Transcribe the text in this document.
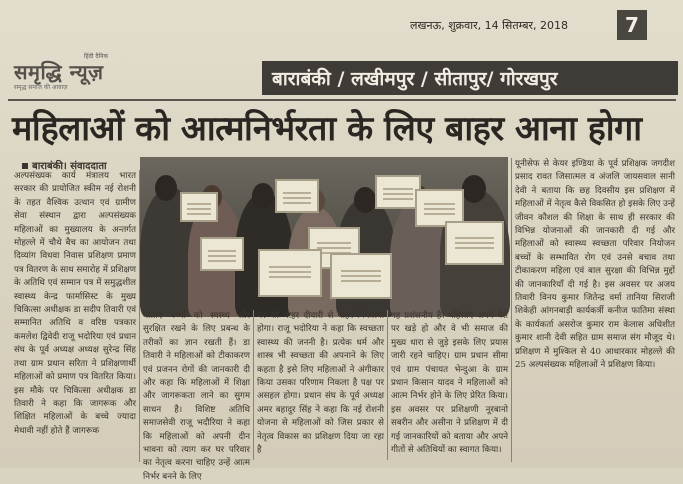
लखनऊ, शुक्रवार, 14 सितम्बर, 2018	7
हिंदी दैनिक
समृद्धि न्यूज़
समृद्ध समाज की आवाज़	बाराबंकी / लखीमपुर / सीतापुर/ गोरखपुर
महिलाओं को आत्मनिर्भरता के लिए बाहर आना होगा
बाराबंकी। संवाददाता
अल्पसंख्यक कार्य मंत्रालय भारत सरकार की प्रायोजित स्कीम नई रोशनी के तहत वैश्विक उत्थान एवं ग्रामीण सेवा संस्थान द्वारा अल्पसंख्यक महिलाओं का मुख्यालय के अन्तर्गत मोहल्ले में चौथे बैच का आयोजन तथा दिव्यांग विधवा निवास प्रशिक्षण प्रमाण पत्र वितरण के साथ समारोह में प्रशिक्षण के अतिथि एवं सम्मान पत्र में समुद्धशील स्वास्थ्य केन्द्र फार्मासिस्ट के मुख्य चिकित्सा अधीक्षक डा सदीप तिवारी एवं सम्मानित अतिथि व वरिष्ठ पत्रकार कमलेश द्विवेदी राजू भदोरिया एवं प्रधान संघ के पूर्व अध्यक्ष अध्यक्ष सुरेन्द्र सिंह तथा ग्राम प्रधान सरिता ने प्रशिक्षणार्थी महिलाओं को प्रमाण पत्र वितरित किया। इस मौके पर चिकित्सा अधीक्षक डा तिवारी ने कहा कि जागरूक और शिक्षित महिलाओं के बच्चे ज्यादा मेधावी नहीं होते हैं जागरूक
माताएं बच्चों को स्वस्थ्य और सुरक्षित रखने के लिए प्रबन्ध के तरीकों का ज्ञान रखती हैं। डा तिवारी ने महिलाओं को टीकाकरण एवं प्रजनन रोगों की जानकारी दी और कहा कि महिलाओं में शिक्षा और जागरूकता लाने का सुगम साधन है। विशिष्ट अतिथि समाजसेवी राजू भदौरिया ने कहा कि महिलाओं को अपनी दीन भावना को त्याग कर घर परिवार का नेतृत्व करना चाहिए उन्हें आत्म निर्भर बनने के लिए
घर की चाहर दीवारी से बाहर निकलना होगा। राजू भदोरिया ने कहा कि स्वच्छता स्वास्थ्य की जननी है। प्रत्येक धर्म और शास्त्र भी स्वच्छता की अपनाने के लिए कहता है इसे लिए महिलाओं ने अंगीकार किया उसका परिणाम निकला है पक्ष पर असहल होगा। प्रधान संघ के पूर्व अध्यक्ष अमर बहादुर सिंह ने कहा कि नई रोशनी योजना से महिलाओं को जिस प्रकार से नेतृत्व विकास का प्रशिक्षण दिया जा रहा है
वह प्रशंसनीय है। महिलाएं अपने पैरों पर खड़े हो और वे भी समाज की मुख्य धारा से जुड़े इसके लिए प्रयास जारी रहने चाहिए। ग्राम प्रधान सीमा एवं ग्राम पंचायत भेन्दुआ के ग्राम प्रधान किसान यादव ने महिलाओं को आत्म निर्भर होने के लिए प्रेरित किया। इस अवसर पर प्रशिक्षणी नूरबानो सबरीन और असीना ने प्रशिक्षण में दी गई जानकारियों को बताया और अपने गीतों से अतिथियों का स्वागत किया।
यूनीसेफ से केयर इण्डिया के पूर्व प्रशिक्षक जगदीश प्रसाद रावत जिसात्मल व अंजलि जायसवाल सानी देवी ने बताया कि छह दिवसीय इस प्रशिक्षण में महिलाओं में नेतृत्व कैसे विकसित हो इसके लिए उन्हें जीवन कौशल की शिक्षा के साथ ही सरकार की विभिन्न योजनाओं की जानकारी दी गई और महिलाओं को स्वास्थ्य स्वच्छता परिवार नियोजन बच्चों के सम्भावित रोग एवं उनसे बचाव तथा टीकाकरण महिला एवं बाल सुरक्षा की विभिन्न मुद्दों की जानकारियाँ दी गई है। इस अवसर पर अजय तिवारी विनय कुमार जितेन्द्र वर्मा तानिया सिराजी शिकेही आंगनबाड़ी कार्यकर्त्री कनीज फातिमा संस्था के कार्यकर्ता असरोज कुमार राम केलास अधिशीत कुमार शानी देवी सहित ग्राम समाज संग मौजूद थे। प्रशिक्षण में मुश्किल से 40 आधारकार मोहल्ले की 25 अल्पसंख्यक महिलाओं ने प्रशिक्षण किया।
